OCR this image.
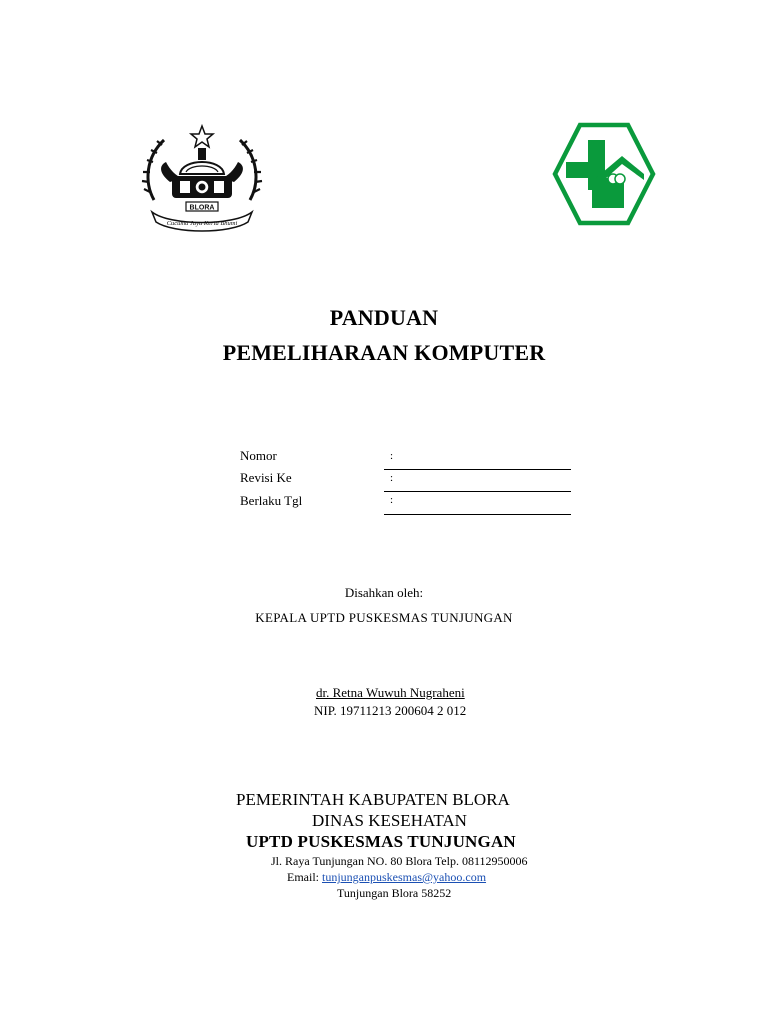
BLORA
Cucuma Jaya Kerta Bhumi
PANDUAN
PEMELIHARAAN KOMPUTER
Nomor	:
Revisi Ke	:
Berlaku Tgl	:
Disahkan oleh:
KEPALA UPTD PUSKESMAS TUNJUNGAN
dr. Retna Wuwuh Nugraheni
NIP. 19711213 200604 2 012
PEMERINTAH KABUPATEN BLORA
DINAS KESEHATAN
UPTD PUSKESMAS TUNJUNGAN
Jl. Raya Tunjungan NO. 80 Blora Telp. 08112950006
Email: tunjunganpuskesmas@yahoo.com
Tunjungan Blora 58252
